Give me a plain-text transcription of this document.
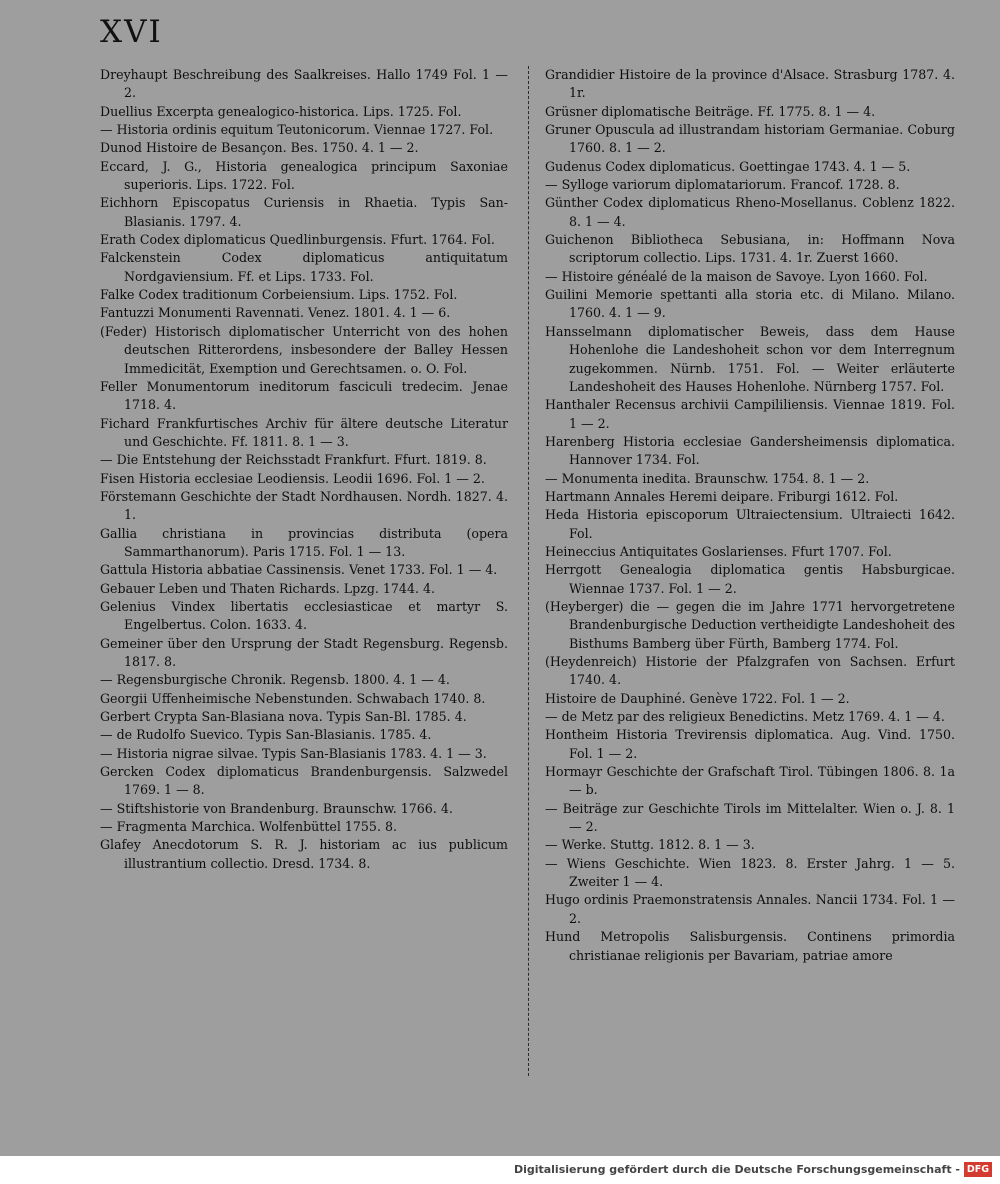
XVI

Dreyhaupt Beschreibung des Saalkreises. Hallo 1749 Fol. 1 — 2.

Duellius Excerpta genealogico-historica. Lips. 1725. Fol.

— Historia ordinis equitum Teutonicorum. Viennae 1727. Fol.

Dunod Histoire de Besançon. Bes. 1750. 4. 1 — 2.

Eccard, J. G., Historia genealogica principum Saxoniae superioris. Lips. 1722. Fol.

Eichhorn Episcopatus Curiensis in Rhaetia. Typis San-Blasianis. 1797. 4.

Erath Codex diplomaticus Quedlinburgensis. Ffurt. 1764. Fol.

Falckenstein Codex diplomaticus antiquitatum Nordgaviensium. Ff. et Lips. 1733. Fol.

Falke Codex traditionum Corbeiensium. Lips. 1752. Fol.

Fantuzzi Monumenti Ravennati. Venez. 1801. 4. 1 — 6.

(Feder) Historisch diplomatischer Unterricht von des hohen deutschen Ritterordens, insbesondere der Balley Hessen Immedicität, Exemption und Gerechtsamen. o. O. Fol.

Feller Monumentorum ineditorum fasciculi tredecim. Jenae 1718. 4.

Fichard Frankfurtisches Archiv für ältere deutsche Literatur und Geschichte. Ff. 1811. 8. 1 — 3.

— Die Entstehung der Reichsstadt Frankfurt. Ffurt. 1819. 8.

Fisen Historia ecclesiae Leodiensis. Leodii 1696. Fol. 1 — 2.

Förstemann Geschichte der Stadt Nordhausen. Nordh. 1827. 4. 1.

Gallia christiana in provincias distributa (opera Sammarthanorum). Paris 1715. Fol. 1 — 13.

Gattula Historia abbatiae Cassinensis. Venet 1733. Fol. 1 — 4.

Gebauer Leben und Thaten Richards. Lpzg. 1744. 4.

Gelenius Vindex libertatis ecclesiasticae et martyr S. Engelbertus. Colon. 1633. 4.

Gemeiner über den Ursprung der Stadt Regensburg. Regensb. 1817. 8.

— Regensburgische Chronik. Regensb. 1800. 4. 1 — 4.

Georgii Uffenheimische Nebenstunden. Schwabach 1740. 8.

Gerbert Crypta San-Blasiana nova. Typis San-Bl. 1785. 4.

— de Rudolfo Suevico. Typis San-Blasianis. 1785. 4.

— Historia nigrae silvae. Typis San-Blasianis 1783. 4. 1 — 3.

Gercken Codex diplomaticus Brandenburgensis. Salzwedel 1769. 1 — 8.

— Stiftshistorie von Brandenburg. Braunschw. 1766. 4.

— Fragmenta Marchica. Wolfenbüttel 1755. 8.

Glafey Anecdotorum S. R. J. historiam ac ius publicum illustrantium collectio. Dresd. 1734. 8.

Grandidier Histoire de la province d'Alsace. Strasburg 1787. 4. 1r.

Grüsner diplomatische Beiträge. Ff. 1775. 8. 1 — 4.

Gruner Opuscula ad illustrandam historiam Germaniae. Coburg 1760. 8. 1 — 2.

Gudenus Codex diplomaticus. Goettingae 1743. 4. 1 — 5.

— Sylloge variorum diplomatariorum. Francof. 1728. 8.

Günther Codex diplomaticus Rheno-Mosellanus. Coblenz 1822. 8. 1 — 4.

Guichenon Bibliotheca Sebusiana, in: Hoffmann Nova scriptorum collectio. Lips. 1731. 4. 1r. Zuerst 1660.

— Histoire généalé de la maison de Savoye. Lyon 1660. Fol.

Guilini Memorie spettanti alla storia etc. di Milano. Milano. 1760. 4. 1 — 9.

Hansselmann diplomatischer Beweis, dass dem Hause Hohenlohe die Landeshoheit schon vor dem Interregnum zugekommen. Nürnb. 1751. Fol. — Weiter erläuterte Landeshoheit des Hauses Hohenlohe. Nürnberg 1757. Fol.

Hanthaler Recensus archivii Campililiensis. Viennae 1819. Fol. 1 — 2.

Harenberg Historia ecclesiae Gandersheimensis diplomatica. Hannover 1734. Fol.

— Monumenta inedita. Braunschw. 1754. 8. 1 — 2.

Hartmann Annales Heremi deipare. Friburgi 1612. Fol.

Heda Historia episcoporum Ultraiectensium. Ultraiecti 1642. Fol.

Heineccius Antiquitates Goslarienses. Ffurt 1707. Fol.

Herrgott Genealogia diplomatica gentis Habsburgicae. Wiennae 1737. Fol. 1 — 2.

(Heyberger) die — gegen die im Jahre 1771 hervorgetretene Brandenburgische Deduction vertheidigte Landeshoheit des Bisthums Bamberg über Fürth, Bamberg 1774. Fol.

(Heydenreich) Historie der Pfalzgrafen von Sachsen. Erfurt 1740. 4.

Histoire de Dauphiné. Genève 1722. Fol. 1 — 2.

— de Metz par des religieux Benedictins. Metz 1769. 4. 1 — 4.

Hontheim Historia Trevirensis diplomatica. Aug. Vind. 1750. Fol. 1 — 2.

Hormayr Geschichte der Grafschaft Tirol. Tübingen 1806. 8. 1a — b.

— Beiträge zur Geschichte Tirols im Mittelalter. Wien o. J. 8. 1 — 2.

— Werke. Stuttg. 1812. 8. 1 — 3.

— Wiens Geschichte. Wien 1823. 8. Erster Jahrg. 1 — 5. Zweiter 1 — 4.

Hugo ordinis Praemonstratensis Annales. Nancii 1734. Fol. 1 — 2.

Hund Metropolis Salisburgensis. Continens primordia christianae religionis per Bavariam, patriae amore

Digitalisierung gefördert durch die Deutsche Forschungsgemeinschaft - DFG
